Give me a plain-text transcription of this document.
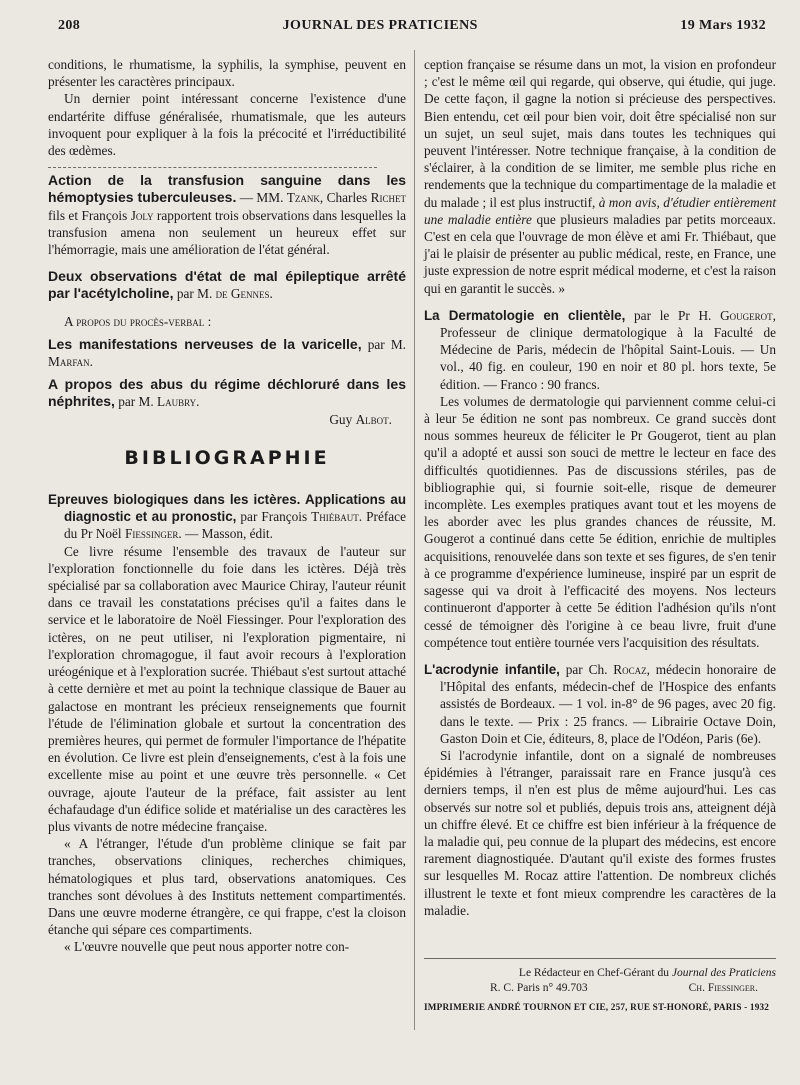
208	JOURNAL DES PRATICIENS	19 Mars 1932

conditions, le rhumatisme, la syphilis, la symphise, peuvent en présenter les caractères principaux.

Un dernier point intéressant concerne l'existence d'une endartérite diffuse généralisée, rhumatismale, que les auteurs invoquent pour expliquer à la fois la précocité et l'irréductibilité des œdèmes.

Action de la transfusion sanguine dans les hémoptysies tuberculeuses. — MM. Tzank, Charles Richet fils et François Joly rapportent trois observations dans lesquelles la transfusion amena non seulement un heureux effet sur l'hémorragie, mais une amélioration de l'état général.

Deux observations d'état de mal épileptique arrêté par l'acétylcholine, par M. de Gennes.

A propos du procès-verbal :

Les manifestations nerveuses de la varicelle, par M. Marfan.

A propos des abus du régime déchloruré dans les néphrites, par M. Laubry.

Guy Albot.

BIBLIOGRAPHIE

Epreuves biologiques dans les ictères. Applications au diagnostic et au pronostic, par François Thiébaut. Préface du Pr Noël Fiessinger. — Masson, édit.

Ce livre résume l'ensemble des travaux de l'auteur sur l'exploration fonctionnelle du foie dans les ictères. Déjà très spécialisé par sa collaboration avec Maurice Chiray, l'auteur réunit dans ce travail les constatations précises qu'il a faites dans le service et le laboratoire de Noël Fiessinger. Pour l'exploration des ictères, on ne peut utiliser, ni l'exploration pigmentaire, ni l'exploration chromagogue, il faut avoir recours à l'exploration uréogénique et à l'exploration sucrée. Thiébaut s'est surtout attaché à cette dernière et met au point la technique classique de Bauer au galactose en montrant les précieux renseignements que fournit l'étude de l'élimination globale et surtout la concentration des premières heures, qui permet de formuler l'importance de l'hépatite en évolution. Ce livre est plein d'enseignements, c'est à la fois une excellente mise au point et une œuvre très personnelle. « Cet ouvrage, ajoute l'auteur de la préface, fait assister au lent échafaudage d'un édifice solide et matérialise un des caractères les plus vivants de notre médecine française.

« A l'étranger, l'étude d'un problème clinique se fait par tranches, observations cliniques, recherches chimiques, hématologiques et plus tard, observations anatomiques. Ces tranches sont dévolues à des Instituts nettement compartimentés. Dans une œuvre moderne étrangère, ce qui frappe, c'est la cloison étanche qui sépare ces compartiments.

« L'œuvre nouvelle que peut nous apporter notre con-

ception française se résume dans un mot, la vision en profondeur ; c'est le même œil qui regarde, qui observe, qui étudie, qui juge. De cette façon, il gagne la notion si précieuse des perspectives. Bien entendu, cet œil pour bien voir, doit être spécialisé non sur un sujet, un seul sujet, mais dans toutes les techniques qui peuvent l'intéresser. Notre technique française, à la condition de s'éclairer, à la condition de se limiter, me semble plus riche en rendements que la technique du compartimentage de la maladie et du malade ; il est plus instructif, à mon avis, d'étudier entièrement une maladie entière que plusieurs maladies par petits morceaux. C'est en cela que l'ouvrage de mon élève et ami Fr. Thiébaut, que j'ai le plaisir de présenter au public médical, reste, en France, une juste expression de notre esprit médical moderne, et c'est la raison qui en garantit le succès. »

La Dermatologie en clientèle, par le Pr H. Gougerot, Professeur de clinique dermatologique à la Faculté de Médecine de Paris, médecin de l'hôpital Saint-Louis. — Un vol., 40 fig. en couleur, 190 en noir et 80 pl. hors texte, 5e édition. — Franco : 90 francs.

Les volumes de dermatologie qui parviennent comme celui-ci à leur 5e édition ne sont pas nombreux. Ce grand succès dont nous sommes heureux de féliciter le Pr Gougerot, tient au plan qu'il a adopté et aussi son souci de mettre le lecteur en face des difficultés quotidiennes. Pas de discussions stériles, pas de bibliographie qui, si fournie soit-elle, risque de demeurer incomplète. Les exemples pratiques avant tout et les moyens de les aborder avec les plus grandes chances de réussite, M. Gougerot a continué dans cette 5e édition, enrichie de multiples acquisitions, renouvelée dans son texte et ses figures, de s'en tenir à ce programme d'expérience lumineuse, inspiré par un esprit de sagesse qui va droit à l'efficacité des moyens. Nos lecteurs continueront d'apporter à cette 5e édition l'adhésion qu'ils n'ont cessé de témoigner dès l'origine à ce beau livre, fruit d'une compétence tout entière tournée vers l'acquisition des résultats.

L'acrodynie infantile, par Ch. Rocaz, médecin honoraire de l'Hôpital des enfants, médecin-chef de l'Hospice des enfants assistés de Bordeaux. — 1 vol. in-8° de 96 pages, avec 20 fig. dans le texte. — Prix : 25 francs. — Librairie Octave Doin, Gaston Doin et Cie, éditeurs, 8, place de l'Odéon, Paris (6e).

Si l'acrodynie infantile, dont on a signalé de nombreuses épidémies à l'étranger, paraissait rare en France jusqu'à ces derniers temps, il n'en est plus de même aujourd'hui. Les cas observés sur notre sol et publiés, depuis trois ans, atteignent déjà un chiffre élevé. Et ce chiffre est bien inférieur à la fréquence de la maladie qui, peu connue de la plupart des médecins, est encore rarement diagnostiquée. D'autant qu'il existe des formes frustes sur lesquelles M. Rocaz attire l'attention. De nombreux clichés illustrent le texte et font mieux comprendre les caractères de la maladie.

Le Rédacteur en Chef-Gérant du Journal des Praticiens
R. C. Paris n° 49.703	Ch. Fiessinger.
IMPRIMERIE ANDRÉ TOURNON ET CIE, 257, RUE ST-HONORÉ, PARIS - 1932
